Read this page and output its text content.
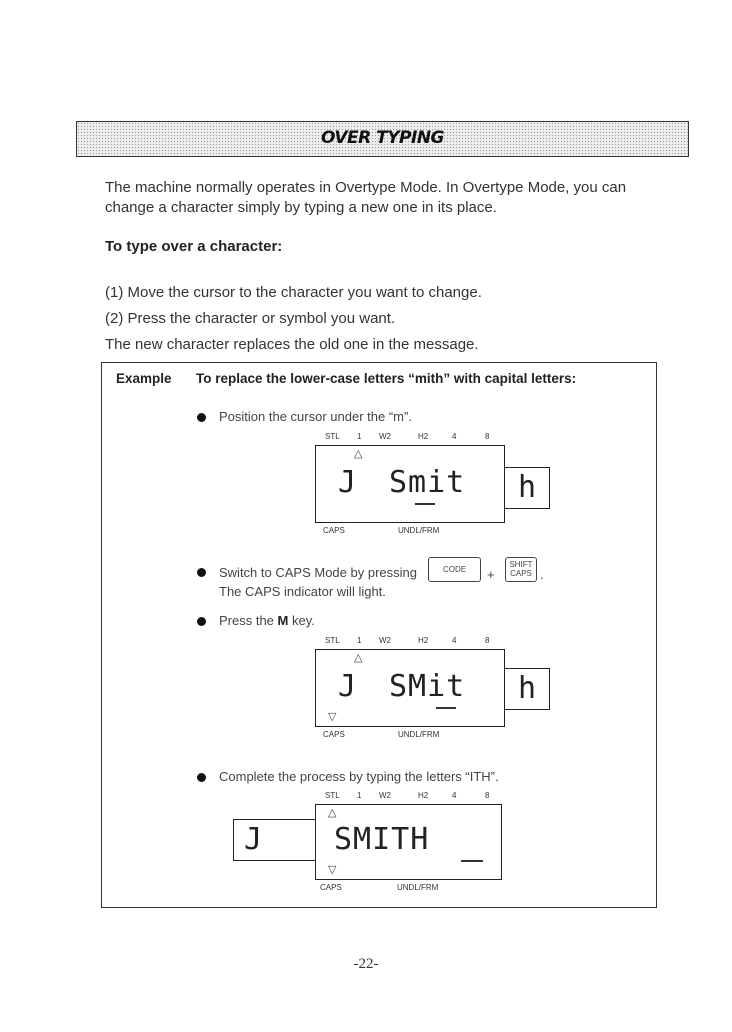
OVER TYPING
The machine normally operates in Overtype Mode. In Overtype Mode, you can
change a character simply by typing a new one in its place.
To type over a character:
(1) Move the cursor to the character you want to change.
(2) Press the character or symbol you want.
The new character replaces the old one in the message.
Example To replace the lower-case letters “mith” with capital letters:
Position the cursor under the “m”.
STL 1 W2	H2	4	8
△
J Smit	h
CAPS	UNDL/FRM
Switch to CAPS Mode by pressing	CODE	+
SHIFT
CAPS .
The CAPS indicator will light.
Press the M key.
STL 1 W2	H2	4	8
△
J SMit
▽
h
CAPS	UNDL/FRM
Complete the process by typing the letters “ITH”.
STL 1 W2	H2	4	8
J
△
SMITH
▽
CAPS	UNDL/FRM
-22-
